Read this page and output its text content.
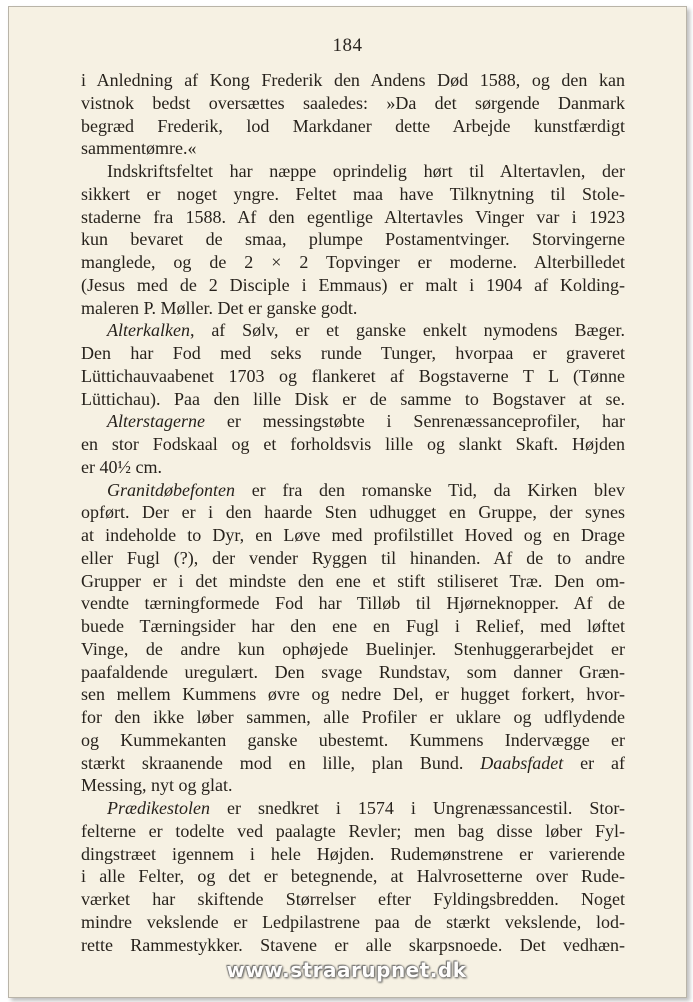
184
i Anledning af Kong Frederik den Andens Død 1588, og den kan
vistnok bedst oversættes saaledes: »Da det sørgende Danmark
begræd Frederik, lod Markdaner dette Arbejde kunstfærdigt
sammentømre.«
Indskriftsfeltet har næppe oprindelig hørt til Altertavlen, der
sikkert er noget yngre. Feltet maa have Tilknytning til Stole-
staderne fra 1588. Af den egentlige Altertavles Vinger var i 1923
kun bevaret de smaa, plumpe Postamentvinger. Storvingerne
manglede, og de 2 × 2 Topvinger er moderne. Alterbilledet
(Jesus med de 2 Disciple i Emmaus) er malt i 1904 af Kolding-
maleren P. Møller. Det er ganske godt.
Alterkalken, af Sølv, er et ganske enkelt nymodens Bæger.
Den har Fod med seks runde Tunger, hvorpaa er graveret
Lüttichauvaabenet 1703 og flankeret af Bogstaverne T L (Tønne
Lüttichau). Paa den lille Disk er de samme to Bogstaver at se.
Alterstagerne er messingstøbte i Senrenæssanceprofiler, har
en stor Fodskaal og et forholdsvis lille og slankt Skaft. Højden
er 40½ cm.
Granitdøbefonten er fra den romanske Tid, da Kirken blev
opført. Der er i den haarde Sten udhugget en Gruppe, der synes
at indeholde to Dyr, en Løve med profilstillet Hoved og en Drage
eller Fugl (?), der vender Ryggen til hinanden. Af de to andre
Grupper er i det mindste den ene et stift stiliseret Træ. Den om-
vendte tærningformede Fod har Tilløb til Hjørneknopper. Af de
buede Tærningsider har den ene en Fugl i Relief, med løftet
Vinge, de andre kun ophøjede Buelinjer. Stenhuggerarbejdet er
paafaldende uregulært. Den svage Rundstav, som danner Græn-
sen mellem Kummens øvre og nedre Del, er hugget forkert, hvor-
for den ikke løber sammen, alle Profiler er uklare og udflydende
og Kummekanten ganske ubestemt. Kummens Indervægge er
stærkt skraanende mod en lille, plan Bund. Daabsfadet er af
Messing, nyt og glat.
Prædikestolen er snedkret i 1574 i Ungrenæssancestil. Stor-
felterne er todelte ved paalagte Revler; men bag disse løber Fyl-
dingstræet igennem i hele Højden. Rudemønstrene er varierende
i alle Felter, og det er betegnende, at Halvrosetterne over Rude-
værket har skiftende Størrelser efter Fyldingsbredden. Noget
mindre vekslende er Ledpilastrene paa de stærkt vekslende, lod-
rette Rammestykker. Stavene er alle skarpsnoede. Det vedhæn-
www.straarupnet.dk
